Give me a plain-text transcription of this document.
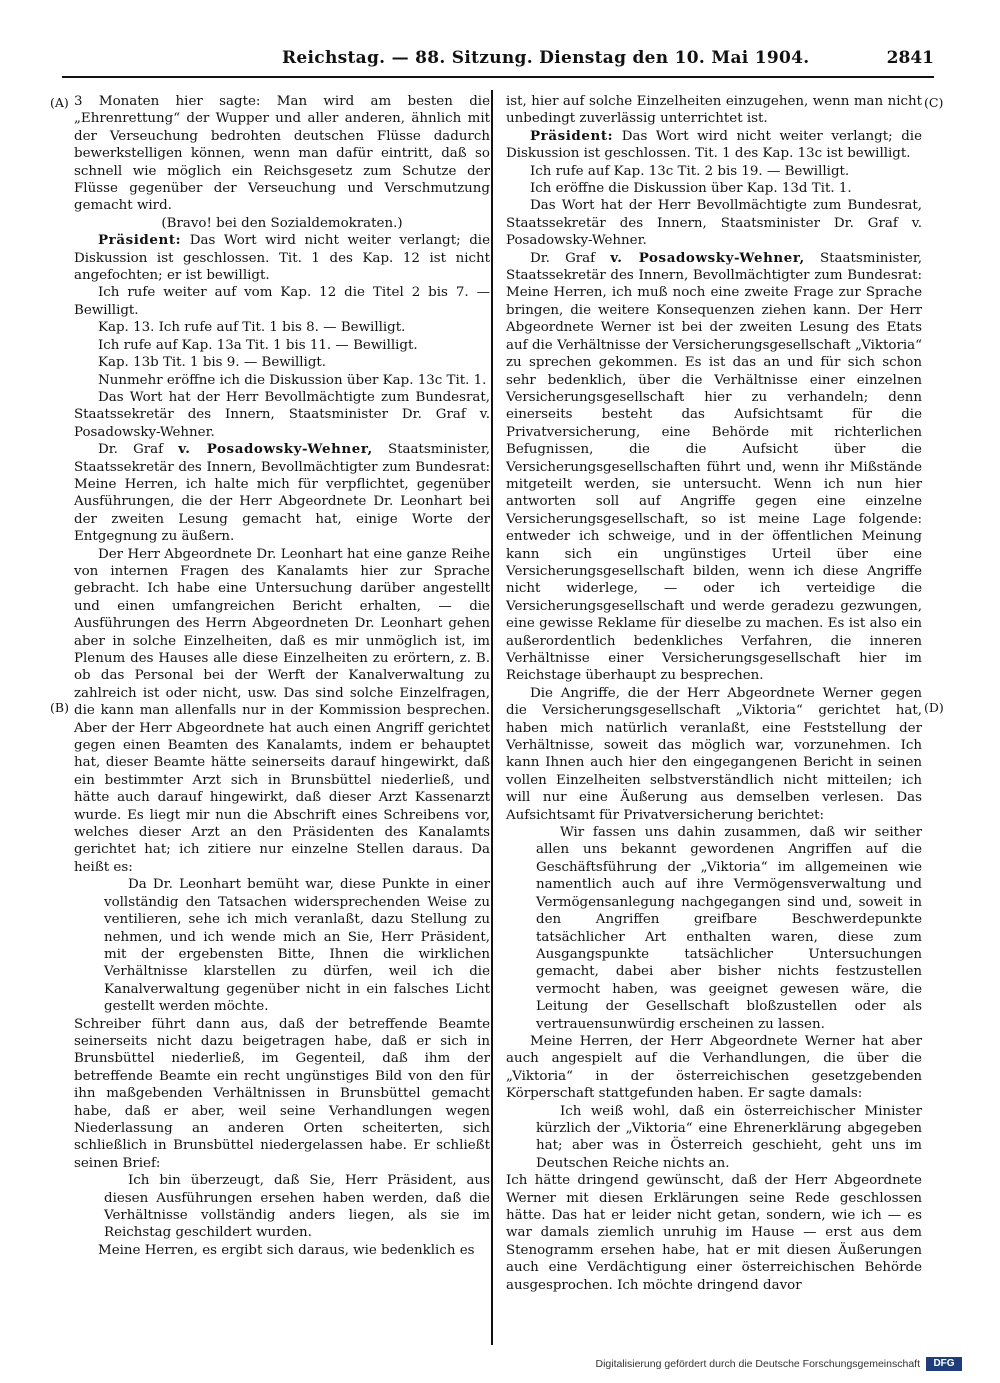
Reichstag. — 88. Sitzung. Dienstag den 10. Mai 1904.	2841
(A)
(B)
(C)
(D)

3 Monaten hier sagte: Man wird am besten die „Ehrenrettung“ der Wupper und aller anderen, ähnlich mit der Verseuchung bedrohten deutschen Flüsse dadurch bewerkstelligen können, wenn man dafür eintritt, daß so schnell wie möglich ein Reichsgesetz zum Schutze der Flüsse gegenüber der Verseuchung und Verschmutzung gemacht wird.

(Bravo! bei den Sozialdemokraten.)

Präsident: Das Wort wird nicht weiter verlangt; die Diskussion ist geschlossen. Tit. 1 des Kap. 12 ist nicht angefochten; er ist bewilligt.

Ich rufe weiter auf vom Kap. 12 die Titel 2 bis 7. — Bewilligt.

Kap. 13. Ich rufe auf Tit. 1 bis 8. — Bewilligt.

Ich rufe auf Kap. 13a Tit. 1 bis 11. — Bewilligt.

Kap. 13b Tit. 1 bis 9. — Bewilligt.

Nunmehr eröffne ich die Diskussion über Kap. 13c Tit. 1.

Das Wort hat der Herr Bevollmächtigte zum Bundesrat, Staatssekretär des Innern, Staatsminister Dr. Graf v. Posadowsky-Wehner.

Dr. Graf v. Posadowsky-Wehner, Staatsminister, Staatssekretär des Innern, Bevollmächtigter zum Bundesrat: Meine Herren, ich halte mich für verpflichtet, gegenüber Ausführungen, die der Herr Abgeordnete Dr. Leonhart bei der zweiten Lesung gemacht hat, einige Worte der Entgegnung zu äußern.

Der Herr Abgeordnete Dr. Leonhart hat eine ganze Reihe von internen Fragen des Kanalamts hier zur Sprache gebracht. Ich habe eine Untersuchung darüber angestellt und einen umfangreichen Bericht erhalten, — die Ausführungen des Herrn Abgeordneten Dr. Leonhart gehen aber in solche Einzelheiten, daß es mir unmöglich ist, im Plenum des Hauses alle diese Einzelheiten zu erörtern, z. B. ob das Personal bei der Werft der Kanalverwaltung zu zahlreich ist oder nicht, usw. Das sind solche Einzelfragen, die kann man allenfalls nur in der Kommission besprechen. Aber der Herr Abgeordnete hat auch einen Angriff gerichtet gegen einen Beamten des Kanalamts, indem er behauptet hat, dieser Beamte hätte seinerseits darauf hingewirkt, daß ein bestimmter Arzt sich in Brunsbüttel niederließ, und hätte auch darauf hingewirkt, daß dieser Arzt Kassenarzt wurde. Es liegt mir nun die Abschrift eines Schreibens vor, welches dieser Arzt an den Präsidenten des Kanalamts gerichtet hat; ich zitiere nur einzelne Stellen daraus. Da heißt es:

Da Dr. Leonhart bemüht war, diese Punkte in einer vollständig den Tatsachen widersprechenden Weise zu ventilieren, sehe ich mich veranlaßt, dazu Stellung zu nehmen, und ich wende mich an Sie, Herr Präsident, mit der ergebensten Bitte, Ihnen die wirklichen Verhältnisse klarstellen zu dürfen, weil ich die Kanalverwaltung gegenüber nicht in ein falsches Licht gestellt werden möchte.

Schreiber führt dann aus, daß der betreffende Beamte seinerseits nicht dazu beigetragen habe, daß er sich in Brunsbüttel niederließ, im Gegenteil, daß ihm der betreffende Beamte ein recht ungünstiges Bild von den für ihn maßgebenden Verhältnissen in Brunsbüttel gemacht habe, daß er aber, weil seine Verhandlungen wegen Niederlassung an anderen Orten scheiterten, sich schließlich in Brunsbüttel niedergelassen habe. Er schließt seinen Brief:

Ich bin überzeugt, daß Sie, Herr Präsident, aus diesen Ausführungen ersehen haben werden, daß die Verhältnisse vollständig anders liegen, als sie im Reichstag geschildert wurden.

Meine Herren, es ergibt sich daraus, wie bedenklich es

ist, hier auf solche Einzelheiten einzugehen, wenn man nicht unbedingt zuverlässig unterrichtet ist.

Präsident: Das Wort wird nicht weiter verlangt; die Diskussion ist geschlossen. Tit. 1 des Kap. 13c ist bewilligt.

Ich rufe auf Kap. 13c Tit. 2 bis 19. — Bewilligt.

Ich eröffne die Diskussion über Kap. 13d Tit. 1.

Das Wort hat der Herr Bevollmächtigte zum Bundesrat, Staatssekretär des Innern, Staatsminister Dr. Graf v. Posadowsky-Wehner.

Dr. Graf v. Posadowsky-Wehner, Staatsminister, Staatssekretär des Innern, Bevollmächtigter zum Bundesrat: Meine Herren, ich muß noch eine zweite Frage zur Sprache bringen, die weitere Konsequenzen ziehen kann. Der Herr Abgeordnete Werner ist bei der zweiten Lesung des Etats auf die Verhältnisse der Versicherungsgesellschaft „Viktoria“ zu sprechen gekommen. Es ist das an und für sich schon sehr bedenklich, über die Verhältnisse einer einzelnen Versicherungsgesellschaft hier zu verhandeln; denn einerseits besteht das Aufsichtsamt für die Privatversicherung, eine Behörde mit richterlichen Befugnissen, die die Aufsicht über die Versicherungsgesellschaften führt und, wenn ihr Mißstände mitgeteilt werden, sie untersucht. Wenn ich nun hier antworten soll auf Angriffe gegen eine einzelne Versicherungsgesellschaft, so ist meine Lage folgende: entweder ich schweige, und in der öffentlichen Meinung kann sich ein ungünstiges Urteil über eine Versicherungsgesellschaft bilden, wenn ich diese Angriffe nicht widerlege, — oder ich verteidige die Versicherungsgesellschaft und werde geradezu gezwungen, eine gewisse Reklame für dieselbe zu machen. Es ist also ein außerordentlich bedenkliches Verfahren, die inneren Verhältnisse einer Versicherungsgesellschaft hier im Reichstage überhaupt zu besprechen.

Die Angriffe, die der Herr Abgeordnete Werner gegen die Versicherungsgesellschaft „Viktoria“ gerichtet hat, haben mich natürlich veranlaßt, eine Feststellung der Verhältnisse, soweit das möglich war, vorzunehmen. Ich kann Ihnen auch hier den eingegangenen Bericht in seinen vollen Einzelheiten selbstverständlich nicht mitteilen; ich will nur eine Äußerung aus demselben verlesen. Das Aufsichtsamt für Privatversicherung berichtet:

Wir fassen uns dahin zusammen, daß wir seither allen uns bekannt gewordenen Angriffen auf die Geschäftsführung der „Viktoria“ im allgemeinen wie namentlich auch auf ihre Vermögensverwaltung und Vermögensanlegung nachgegangen sind und, soweit in den Angriffen greifbare Beschwerdepunkte tatsächlicher Art enthalten waren, diese zum Ausgangspunkte tatsächlicher Untersuchungen gemacht, dabei aber bisher nichts festzustellen vermocht haben, was geeignet gewesen wäre, die Leitung der Gesellschaft bloßzustellen oder als vertrauensunwürdig erscheinen zu lassen.

Meine Herren, der Herr Abgeordnete Werner hat aber auch angespielt auf die Verhandlungen, die über die „Viktoria“ in der österreichischen gesetzgebenden Körperschaft stattgefunden haben. Er sagte damals:

Ich weiß wohl, daß ein österreichischer Minister kürzlich der „Viktoria“ eine Ehrenerklärung abgegeben hat; aber was in Österreich geschieht, geht uns im Deutschen Reiche nichts an.

Ich hätte dringend gewünscht, daß der Herr Abgeordnete Werner mit diesen Erklärungen seine Rede geschlossen hätte. Das hat er leider nicht getan, sondern, wie ich — es war damals ziemlich unruhig im Hause — erst aus dem Stenogramm ersehen habe, hat er mit diesen Äußerungen auch eine Verdächtigung einer österreichischen Behörde ausgesprochen. Ich möchte dringend davor

Digitalisierung gefördert durch die Deutsche Forschungsgemeinschaft	DFG
